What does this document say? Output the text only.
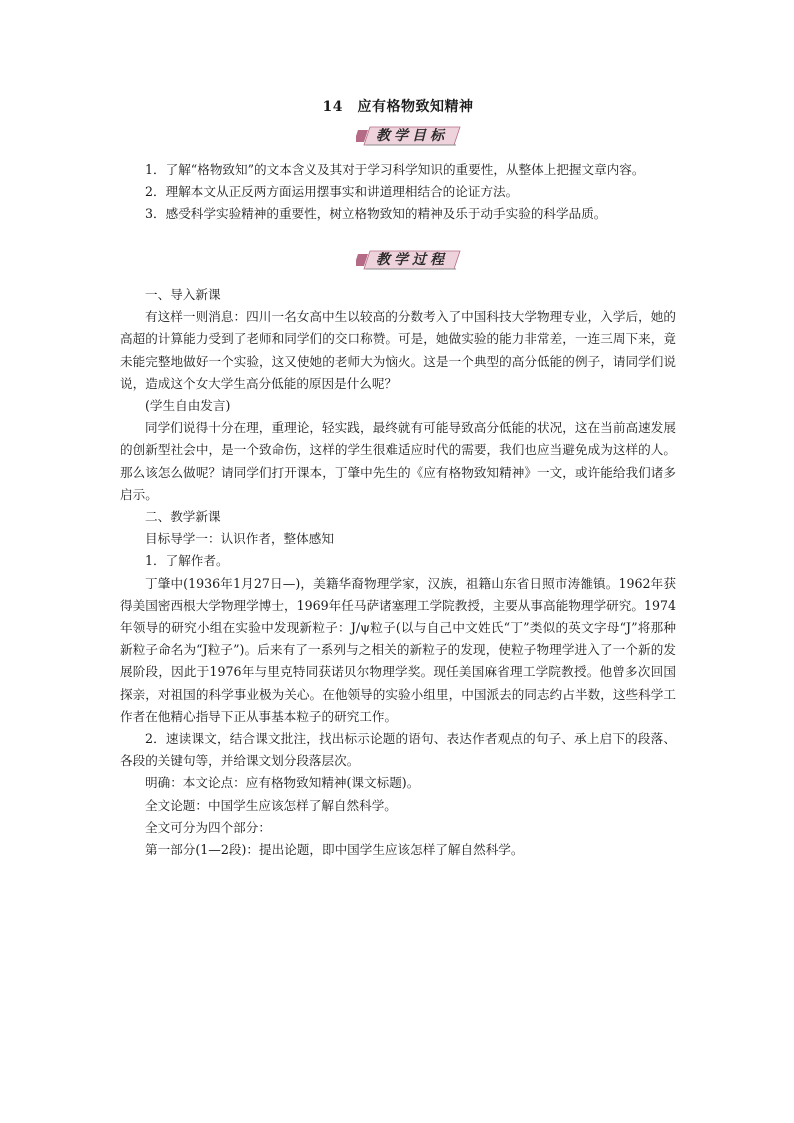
14　应有格物致知精神
教学目标

1．了解“格物致知”的文本含义及其对于学习科学知识的重要性，从整体上把握文章内容。

2．理解本文从正反两方面运用摆事实和讲道理相结合的论证方法。

3．感受科学实验精神的重要性，树立格物致知的精神及乐于动手实验的科学品质。

教学过程

一、导入新课

有这样一则消息：四川一名女高中生以较高的分数考入了中国科技大学物理专业，入学后，她的高超的计算能力受到了老师和同学们的交口称赞。可是，她做实验的能力非常差，一连三周下来，竟未能完整地做好一个实验，这又使她的老师大为恼火。这是一个典型的高分低能的例子，请同学们说说，造成这个女大学生高分低能的原因是什么呢？

(学生自由发言)

同学们说得十分在理，重理论，轻实践，最终就有可能导致高分低能的状况，这在当前高速发展的创新型社会中，是一个致命伤，这样的学生很难适应时代的需要，我们也应当避免成为这样的人。那么该怎么做呢？请同学们打开课本，丁肇中先生的《应有格物致知精神》一文，或许能给我们诸多启示。

二、教学新课

目标导学一：认识作者，整体感知

1．了解作者。

丁肇中(1936年1月27日—)，美籍华裔物理学家，汉族，祖籍山东省日照市涛雒镇。1962年获得美国密西根大学物理学博士，1969年任马萨诸塞理工学院教授，主要从事高能物理学研究。1974年领导的研究小组在实验中发现新粒子：J/ψ粒子(以与自己中文姓氏“丁”类似的英文字母“J”将那种新粒子命名为“J粒子”)。后来有了一系列与之相关的新粒子的发现，使粒子物理学进入了一个新的发展阶段，因此于1976年与里克特同获诺贝尔物理学奖。现任美国麻省理工学院教授。他曾多次回国探亲，对祖国的科学事业极为关心。在他领导的实验小组里，中国派去的同志约占半数，这些科学工作者在他精心指导下正从事基本粒子的研究工作。

2．速读课文，结合课文批注，找出标示论题的语句、表达作者观点的句子、承上启下的段落、各段的关键句等，并给课文划分段落层次。

明确：本文论点：应有格物致知精神(课文标题)。

全文论题：中国学生应该怎样了解自然科学。

全文可分为四个部分：

第一部分(1—2段)：提出论题，即中国学生应该怎样了解自然科学。
